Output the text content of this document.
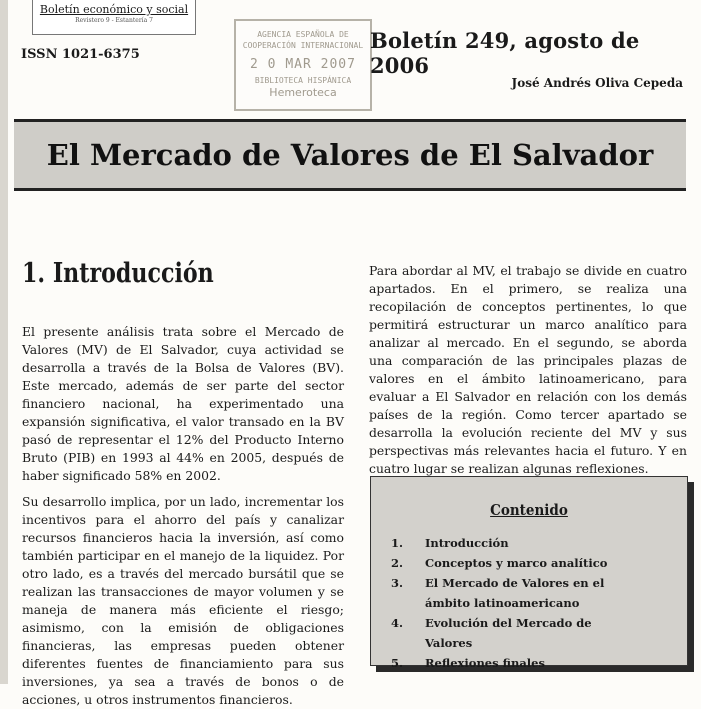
Boletín económico y social
Revistero 9 - Estantería 7
ISSN 1021-6375
AGENCIA ESPAÑOLA DE
COOPERACIÓN INTERNACIONAL
2 0 MAR 2007
BIBLIOTECA HISPÁNICA
Hemeroteca
Boletín 249, agosto de 2006
José Andrés Oliva Cepeda
El Mercado de Valores de El Salvador
1. Introducción

El presente análisis trata sobre el Mercado de Valores (MV) de El Salvador, cuya actividad se desarrolla a través de la Bolsa de Valores (BV). Este mercado, además de ser parte del sector financiero nacional, ha experimentado una expansión significativa, el valor transado en la BV pasó de representar el 12% del Producto Interno Bruto (PIB) en 1993 al 44% en 2005, después de haber significado 58% en 2002.

Su desarrollo implica, por un lado, incrementar los incentivos para el ahorro del país y canalizar recursos financieros hacia la inversión, así como también participar en el manejo de la liquidez. Por otro lado, es a través del mercado bursátil que se realizan las transacciones de mayor volumen y se maneja de manera más eficiente el riesgo; asimismo, con la emisión de obligaciones financieras, las empresas pueden obtener diferentes fuentes de financiamiento para sus inversiones, ya sea a través de bonos o de acciones, u otros instrumentos financieros.

Para abordar al MV, el trabajo se divide en cuatro apartados. En el primero, se realiza una recopilación de conceptos pertinentes, lo que permitirá estructurar un marco analítico para analizar al mercado. En el segundo, se aborda una comparación de las principales plazas de valores en el ámbito latinoamericano, para evaluar a El Salvador en relación con los demás países de la región. Como tercer apartado se desarrolla la evolución reciente del MV y sus perspectivas más relevantes hacia el futuro. Y en cuatro lugar se realizan algunas reflexiones.

Contenido
1.	Introducción
2.	Conceptos y marco analítico
3.	El Mercado de Valores en el ámbito latinoamericano
4.	Evolución del Mercado de Valores
5.	Reflexiones finales
